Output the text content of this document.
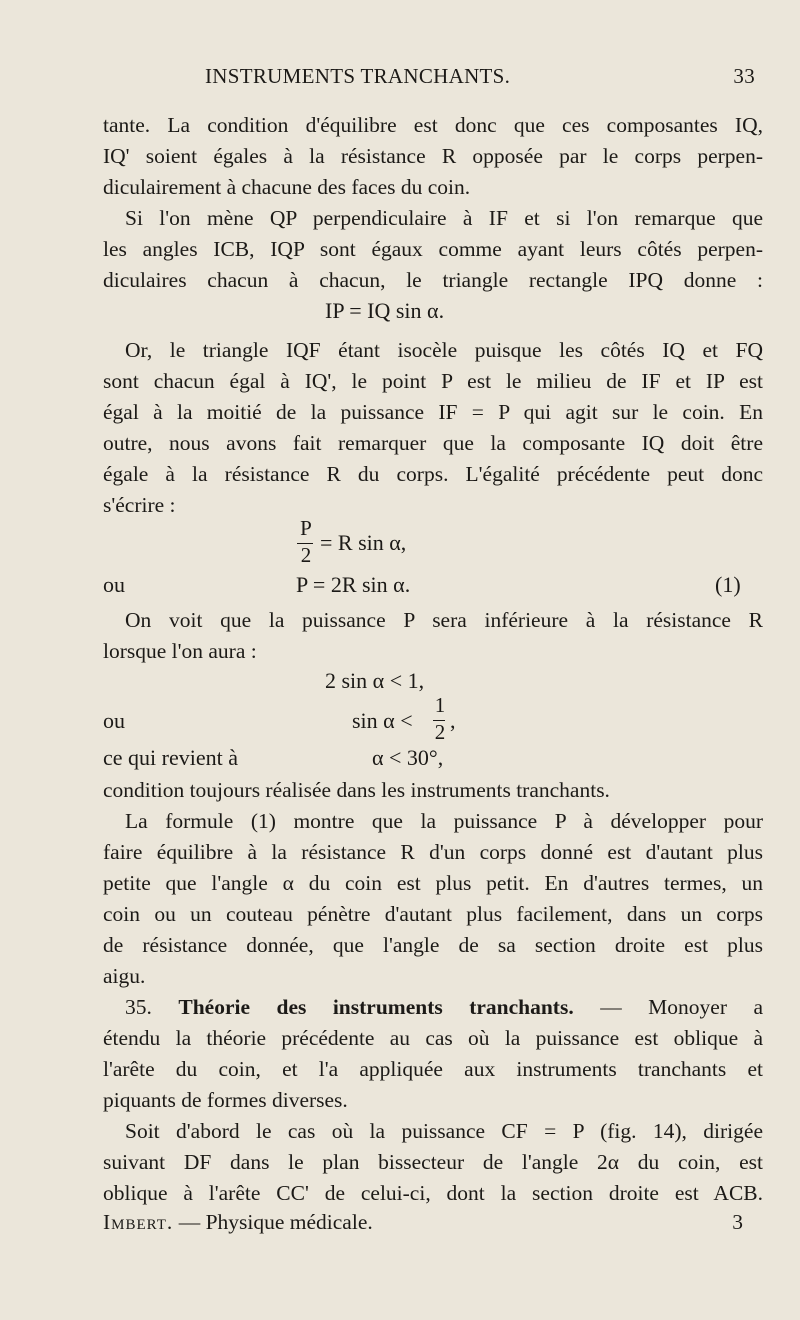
INSTRUMENTS TRANCHANTS.	33
tante. La condition d'équilibre est donc que ces composantes IQ,
IQ' soient égales à la résistance R opposée par le corps perpen-
diculairement à chacune des faces du coin.
Si l'on mène QP perpendiculaire à IF et si l'on remarque que
les angles ICB, IQP sont égaux comme ayant leurs côtés perpen-
diculaires chacun à chacun, le triangle rectangle IPQ donne :
IP = IQ sin α.
Or, le triangle IQF étant isocèle puisque les côtés IQ et FQ
sont chacun égal à IQ', le point P est le milieu de IF et IP est
égal à la moitié de la puissance IF = P qui agit sur le coin. En
outre, nous avons fait remarquer que la composante IQ doit être
égale à la résistance R du corps. L'égalité précédente peut donc
s'écrire :
P
2 = R sin α,
ou	P = 2R sin α.	(1)
On voit que la puissance P sera inférieure à la résistance R
lorsque l'on aura :
2 sin α < 1,
ou	sin α <
1
2 ,
ce qui revient à	α < 30°,
condition toujours réalisée dans les instruments tranchants.
La formule (1) montre que la puissance P à développer pour
faire équilibre à la résistance R d'un corps donné est d'autant plus
petite que l'angle α du coin est plus petit. En d'autres termes, un
coin ou un couteau pénètre d'autant plus facilement, dans un corps
de résistance donnée, que l'angle de sa section droite est plus
aigu.
35. Théorie des instruments tranchants. — Monoyer a
étendu la théorie précédente au cas où la puissance est oblique à
l'arête du coin, et l'a appliquée aux instruments tranchants et
piquants de formes diverses.
Soit d'abord le cas où la puissance CF = P (fig. 14), dirigée
suivant DF dans le plan bissecteur de l'angle 2α du coin, est
oblique à l'arête CC' de celui-ci, dont la section droite est ACB.
Imbert. — Physique médicale.	3
